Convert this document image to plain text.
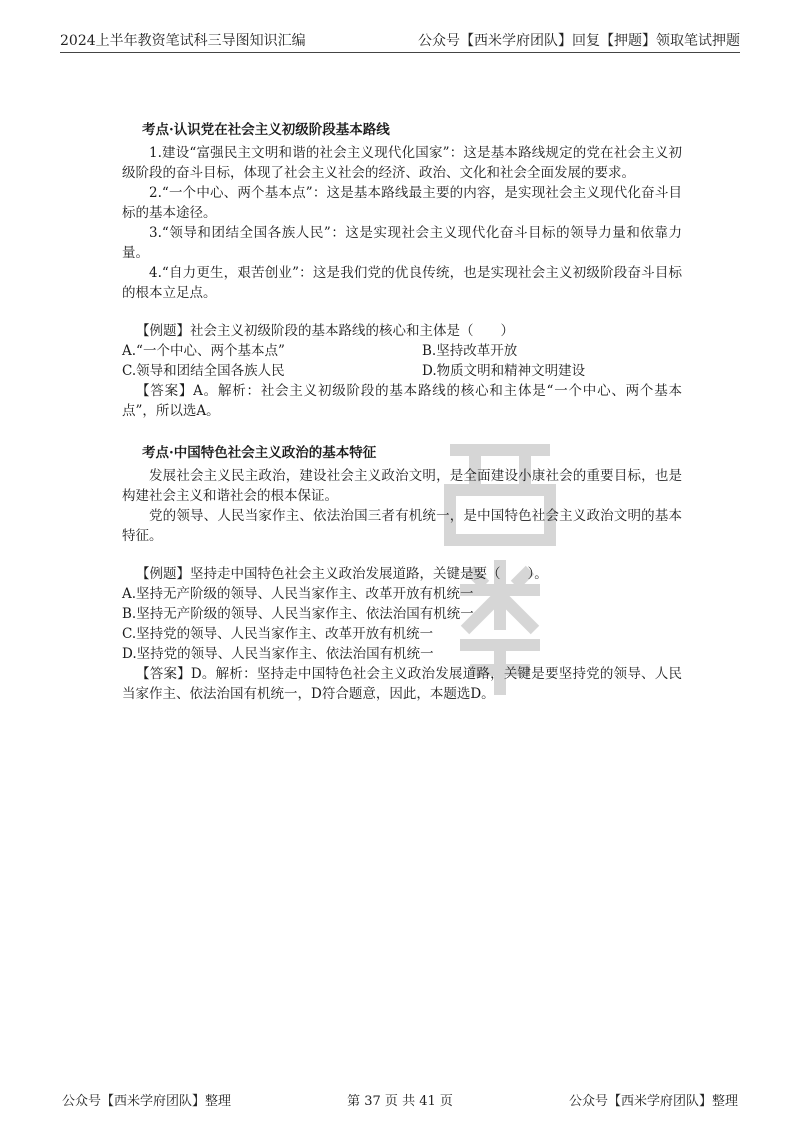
2024上半年教资笔试科三导图知识汇编	公众号【西米学府团队】回复【押题】领取笔试押题
考点·认识党在社会主义初级阶段基本路线

1.建设“富强民主文明和谐的社会主义现代化国家”：这是基本路线规定的党在社会主义初级阶段的奋斗目标，体现了社会主义社会的经济、政治、文化和社会全面发展的要求。

2.“一个中心、两个基本点”：这是基本路线最主要的内容，是实现社会主义现代化奋斗目标的基本途径。

3.“领导和团结全国各族人民”：这是实现社会主义现代化奋斗目标的领导力量和依靠力量。

4.“自力更生，艰苦创业”：这是我们党的优良传统，也是实现社会主义初级阶段奋斗目标的根本立足点。

【例题】社会主义初级阶段的基本路线的核心和主体是（　　）
A.“一个中心、两个基本点”	B.坚持改革开放
C.领导和团结全国各族人民	D.物质文明和精神文明建设

【答案】A。解析：社会主义初级阶段的基本路线的核心和主体是“一个中心、两个基本点”，所以选A。

考点·中国特色社会主义政治的基本特征

发展社会主义民主政治，建设社会主义政治文明，是全面建设小康社会的重要目标，也是构建社会主义和谐社会的根本保证。

党的领导、人民当家作主、依法治国三者有机统一，是中国特色社会主义政治文明的基本特征。

【例题】坚持走中国特色社会主义政治发展道路，关键是要（　　）。
A.坚持无产阶级的领导、人民当家作主、改革开放有机统一
B.坚持无产阶级的领导、人民当家作主、依法治国有机统一
C.坚持党的领导、人民当家作主、改革开放有机统一
D.坚持党的领导、人民当家作主、依法治国有机统一

【答案】D。解析：坚持走中国特色社会主义政治发展道路，关键是要坚持党的领导、人民当家作主、依法治国有机统一，D符合题意，因此，本题选D。

公众号【西米学府团队】整理	第 37 页 共 41 页	公众号【西米学府团队】整理
